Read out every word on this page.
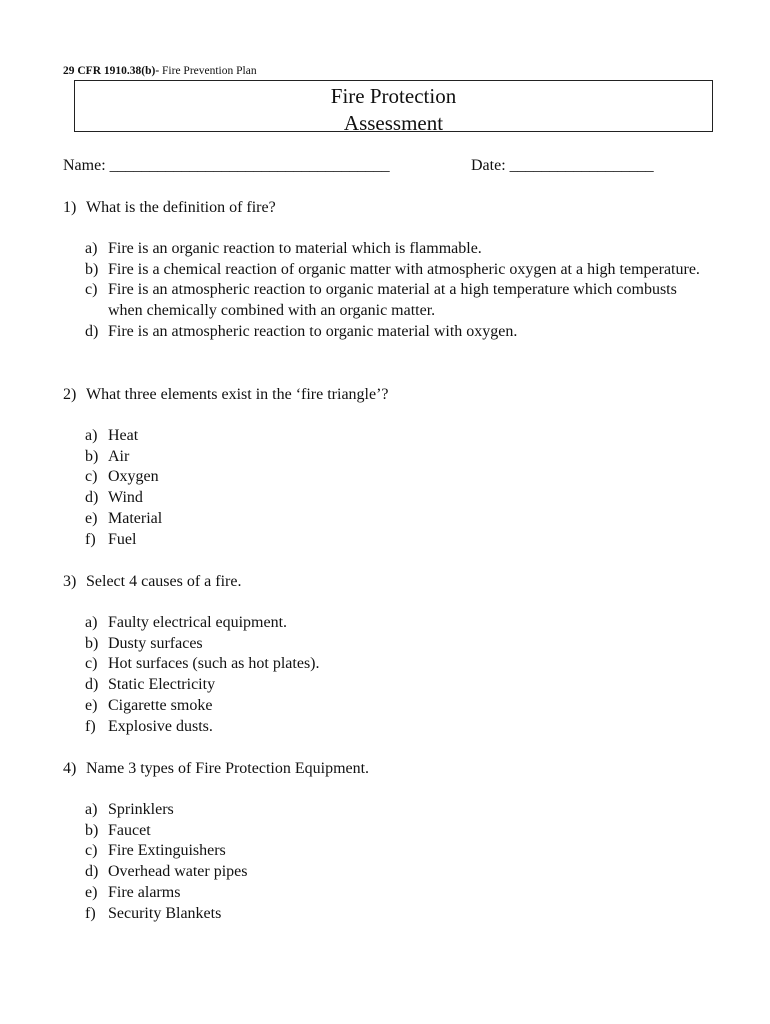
29 CFR 1910.38(b)- Fire Prevention Plan
Fire Protection
Assessment
Name: ___________________________________	Date: __________________
1) What is the definition of fire?
a) Fire is an organic reaction to material which is flammable.
b) Fire is a chemical reaction of organic matter with atmospheric oxygen at a high temperature.
c) Fire is an atmospheric reaction to organic material at a high temperature which combusts when chemically combined with an organic matter.
d) Fire is an atmospheric reaction to organic material with oxygen.
2) What three elements exist in the ‘fire triangle’?
a) Heat
b) Air
c) Oxygen
d) Wind
e) Material
f) Fuel
3) Select 4 causes of a fire.
a) Faulty electrical equipment.
b) Dusty surfaces
c) Hot surfaces (such as hot plates).
d) Static Electricity
e) Cigarette smoke
f) Explosive dusts.
4) Name 3 types of Fire Protection Equipment.
a) Sprinklers
b) Faucet
c) Fire Extinguishers
d) Overhead water pipes
e) Fire alarms
f) Security Blankets
